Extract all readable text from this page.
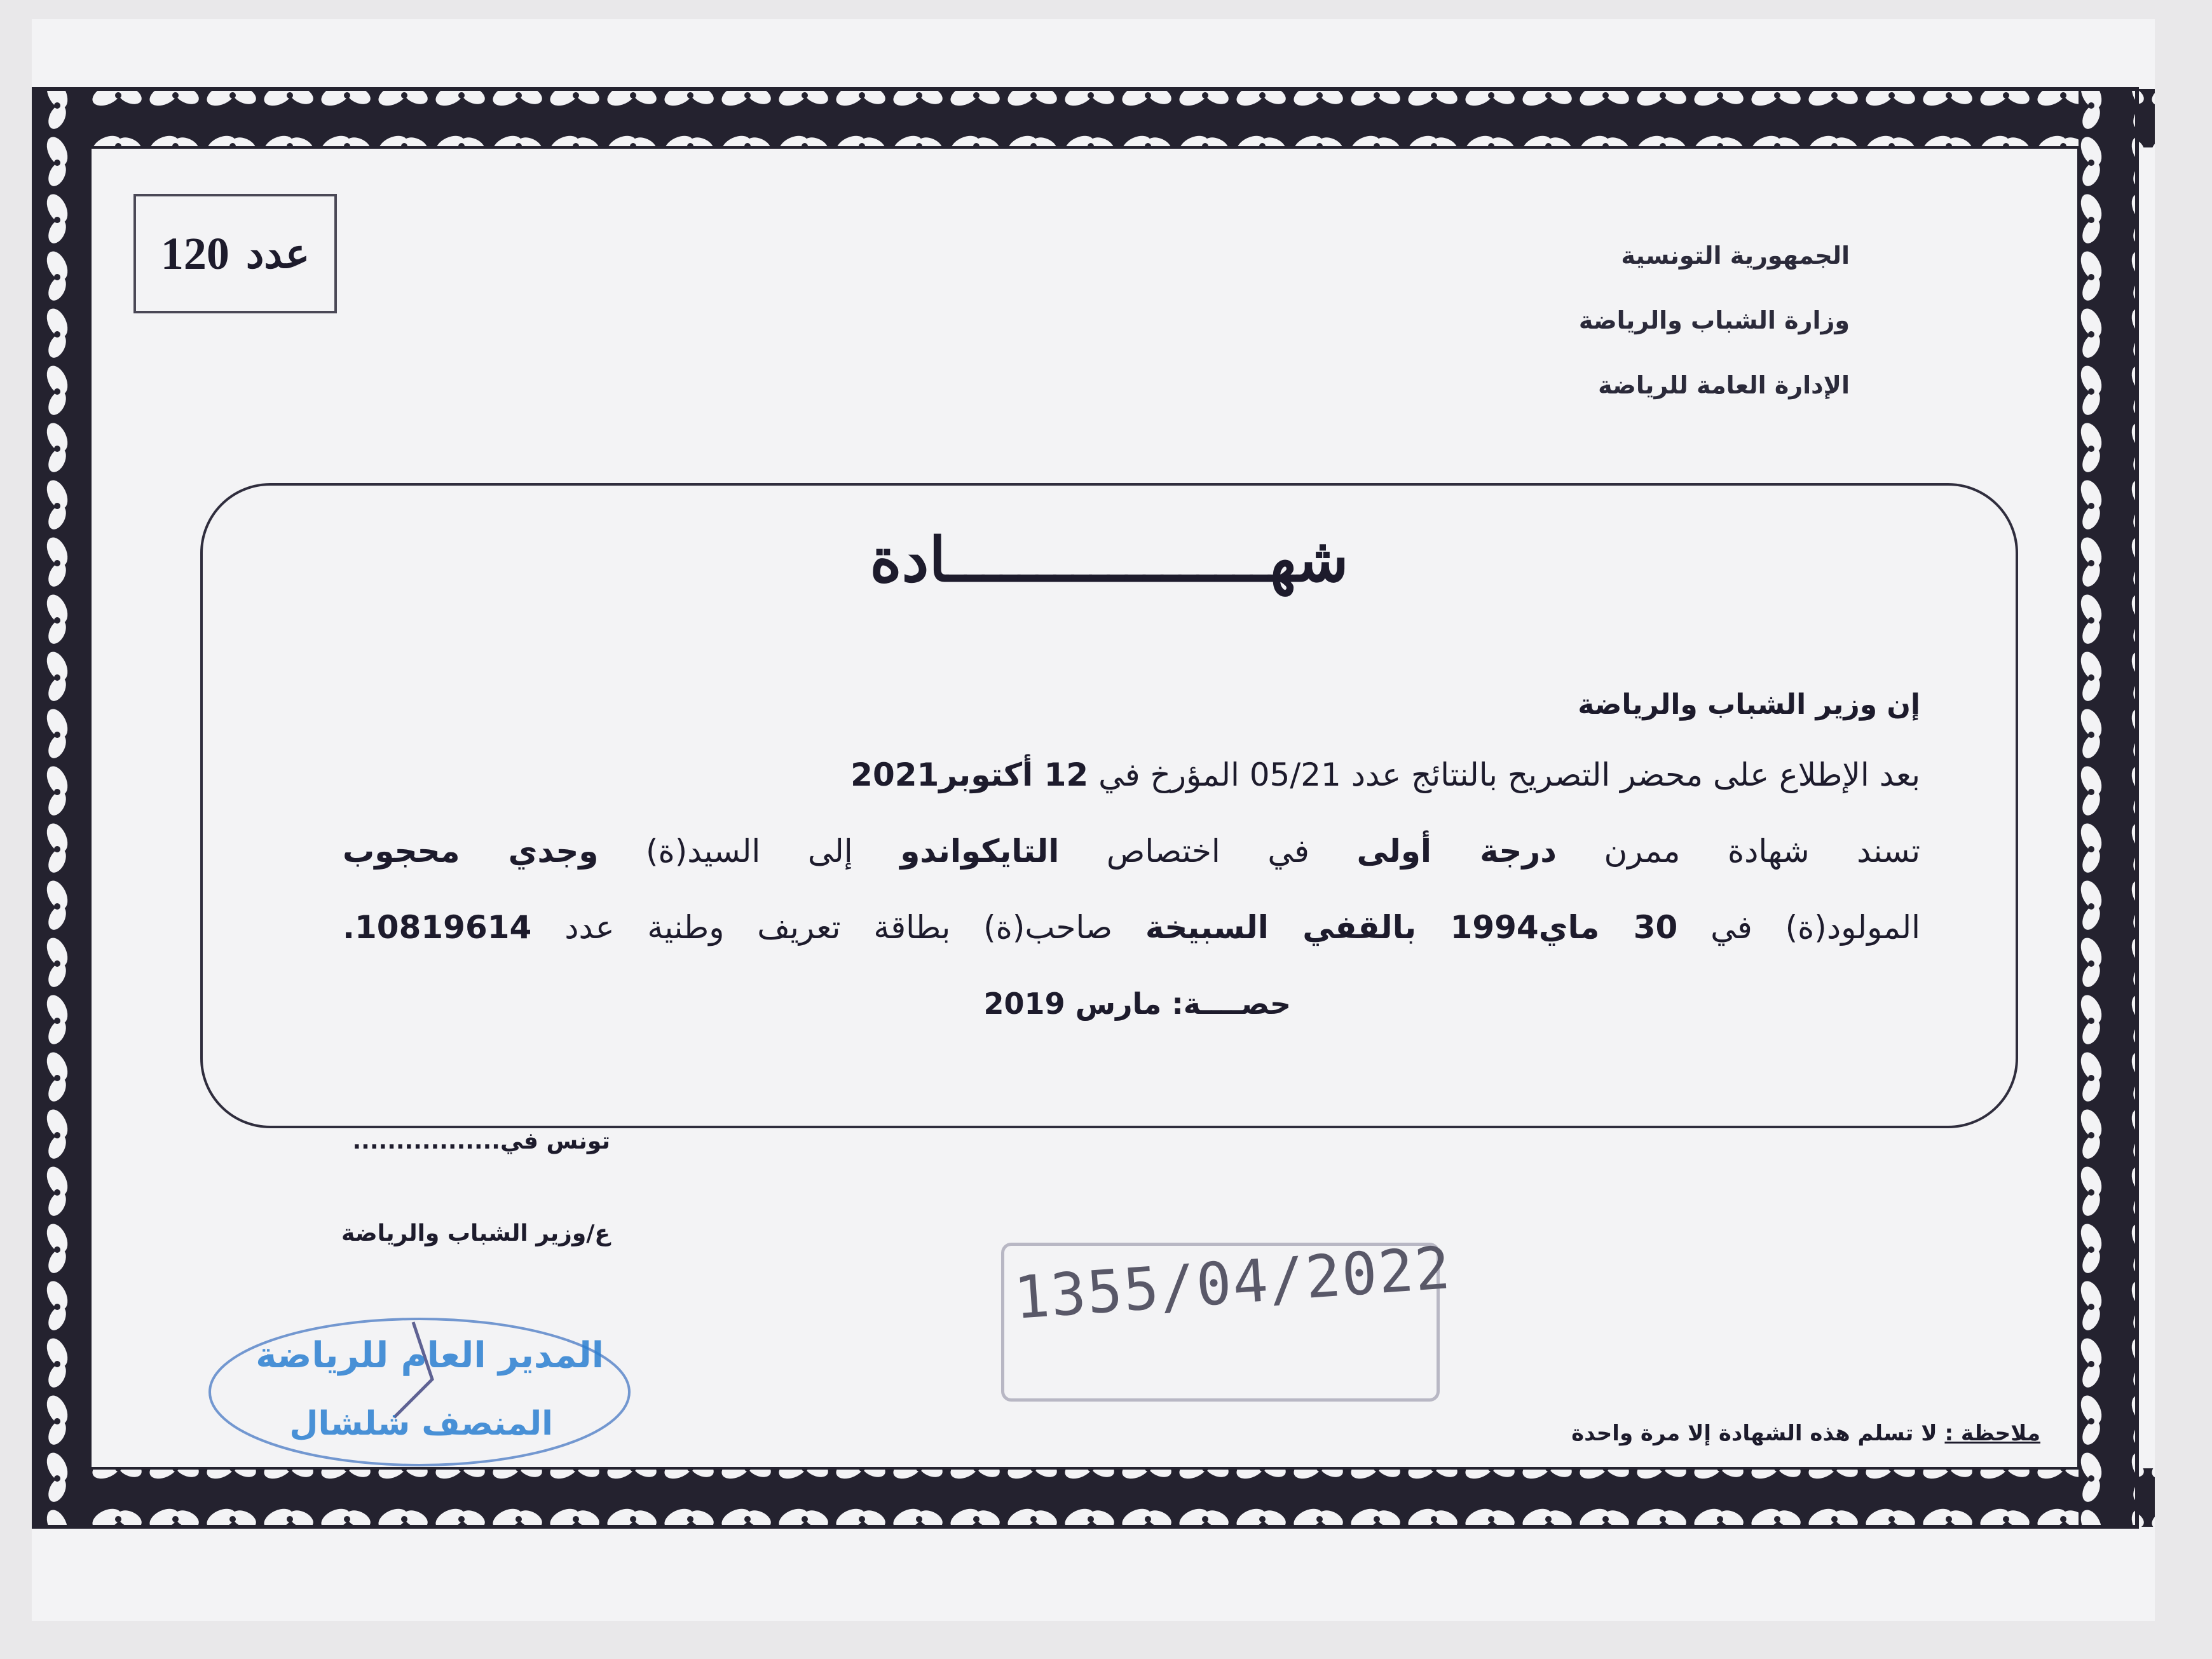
120 عدد	الجمهورية التونسية
وزارة الشباب والرياضة
الإدارة العامة للرياضة
شهــــــــــــــــــادة
إن وزير الشباب والرياضة
بعد الإطلاع على محضر التصريح بالنتائج عدد 05/21 المؤرخ في 12 أكتوبر2021
تسند شهادة ممرن درجة أولى في اختصاص التايكواندو إلى السيد(ة) وجدي محجوب
المولود(ة) في 30 ماي1994 بالقفي السبيخة صاحب(ة) بطاقة تعريف وطنية عدد 10819614.
حصــــة: مارس 2019
تونس في.................
ع/وزير الشباب والرياضة
المدير العام للرياضة
المنصف شلشال
1355/04/2022
ملاحظة : لا تسلم هذه الشهادة إلا مرة واحدة
